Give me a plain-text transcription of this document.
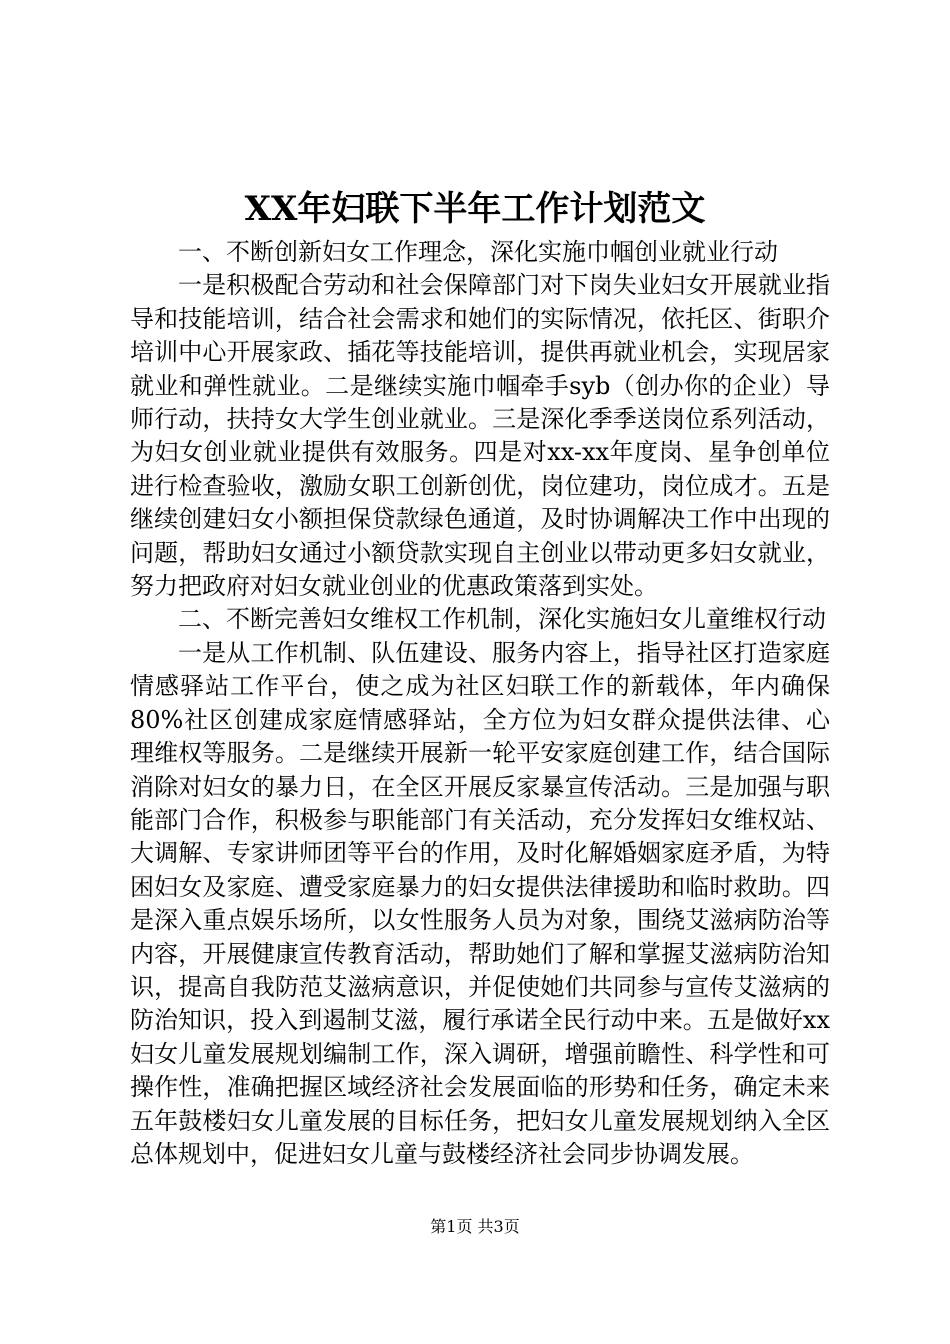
XX年妇联下半年工作计划范文

一、不断创新妇女工作理念，深化实施巾帼创业就业行动

一是积极配合劳动和社会保障部门对下岗失业妇女开展就业指导和技能培训，结合社会需求和她们的实际情况，依托区、街职介培训中心开展家政、插花等技能培训，提供再就业机会，实现居家就业和弹性就业。二是继续实施巾帼牵手syb（创办你的企业）导师行动，扶持女大学生创业就业。三是深化季季送岗位系列活动，为妇女创业就业提供有效服务。四是对xx-xx年度岗、星争创单位进行检查验收，激励女职工创新创优，岗位建功，岗位成才。五是继续创建妇女小额担保贷款绿色通道，及时协调解决工作中出现的问题，帮助妇女通过小额贷款实现自主创业以带动更多妇女就业，努力把政府对妇女就业创业的优惠政策落到实处。

二、不断完善妇女维权工作机制，深化实施妇女儿童维权行动

一是从工作机制、队伍建设、服务内容上，指导社区打造家庭情感驿站工作平台，使之成为社区妇联工作的新载体，年内确保80%社区创建成家庭情感驿站，全方位为妇女群众提供法律、心理维权等服务。二是继续开展新一轮平安家庭创建工作，结合国际消除对妇女的暴力日，在全区开展反家暴宣传活动。三是加强与职能部门合作，积极参与职能部门有关活动，充分发挥妇女维权站、大调解、专家讲师团等平台的作用，及时化解婚姻家庭矛盾，为特困妇女及家庭、遭受家庭暴力的妇女提供法律援助和临时救助。四是深入重点娱乐场所，以女性服务人员为对象，围绕艾滋病防治等内容，开展健康宣传教育活动，帮助她们了解和掌握艾滋病防治知识，提高自我防范艾滋病意识，并促使她们共同参与宣传艾滋病的防治知识，投入到遏制艾滋，履行承诺全民行动中来。五是做好xx妇女儿童发展规划编制工作，深入调研，增强前瞻性、科学性和可操作性，准确把握区域经济社会发展面临的形势和任务，确定未来五年鼓楼妇女儿童发展的目标任务，把妇女儿童发展规划纳入全区总体规划中，促进妇女儿童与鼓楼经济社会同步协调发展。

第1页 共3页
